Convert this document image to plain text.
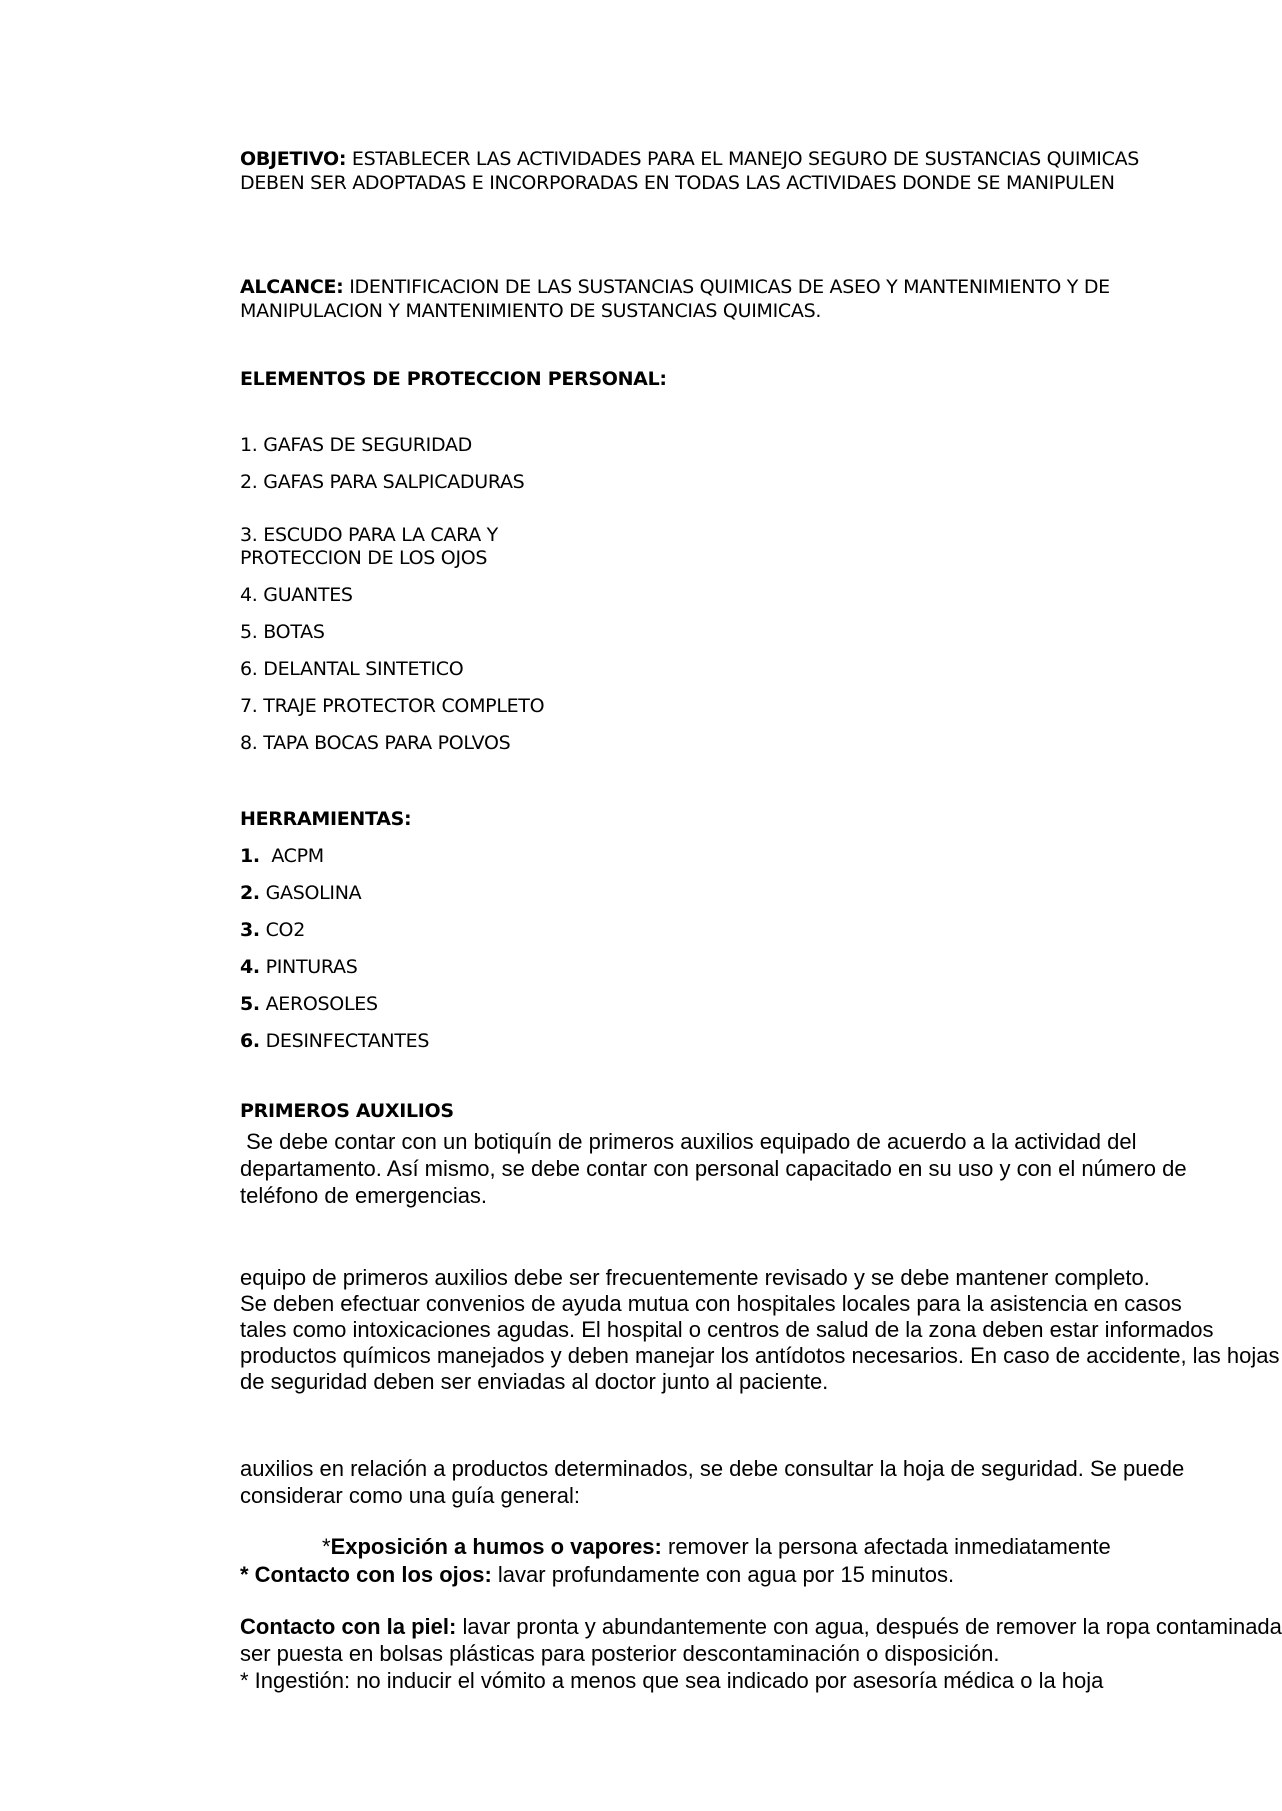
OBJETIVO: ESTABLECER LAS ACTIVIDADES PARA EL MANEJO SEGURO DE SUSTANCIAS QUIMICAS
DEBEN SER ADOPTADAS E INCORPORADAS EN TODAS LAS ACTIVIDAES DONDE SE MANIPULEN
ALCANCE: IDENTIFICACION DE LAS SUSTANCIAS QUIMICAS DE ASEO Y MANTENIMIENTO Y DE
MANIPULACION Y MANTENIMIENTO DE SUSTANCIAS QUIMICAS.
ELEMENTOS DE PROTECCION PERSONAL:
1. GAFAS DE SEGURIDAD
2. GAFAS PARA SALPICADURAS
3. ESCUDO PARA LA CARA Y
PROTECCION DE LOS OJOS
4. GUANTES
5. BOTAS
6. DELANTAL SINTETICO
7. TRAJE PROTECTOR COMPLETO
8. TAPA BOCAS PARA POLVOS
HERRAMIENTAS:
1.  ACPM
2. GASOLINA
3. CO2
4. PINTURAS
5. AEROSOLES
6. DESINFECTANTES
PRIMEROS AUXILIOS
Se debe contar con un botiquín de primeros auxilios equipado de acuerdo a la actividad del
departamento. Así mismo, se debe contar con personal capacitado en su uso y con el número de
teléfono de emergencias.
equipo de primeros auxilios debe ser frecuentemente revisado y se debe mantener completo.
Se deben efectuar convenios de ayuda mutua con hospitales locales para la asistencia en casos
tales como intoxicaciones agudas. El hospital o centros de salud de la zona deben estar informados
productos químicos manejados y deben manejar los antídotos necesarios. En caso de accidente, las hojas
de seguridad deben ser enviadas al doctor junto al paciente.
auxilios en relación a productos determinados, se debe consultar la hoja de seguridad. Se puede
considerar como una guía general:
*Exposición a humos o vapores: remover la persona afectada inmediatamente
* Contacto con los ojos: lavar profundamente con agua por 15 minutos.
Contacto con la piel: lavar pronta y abundantemente con agua, después de remover la ropa contaminada
ser puesta en bolsas plásticas para posterior descontaminación o disposición.
* Ingestión: no inducir el vómito a menos que sea indicado por asesoría médica o la hoja
